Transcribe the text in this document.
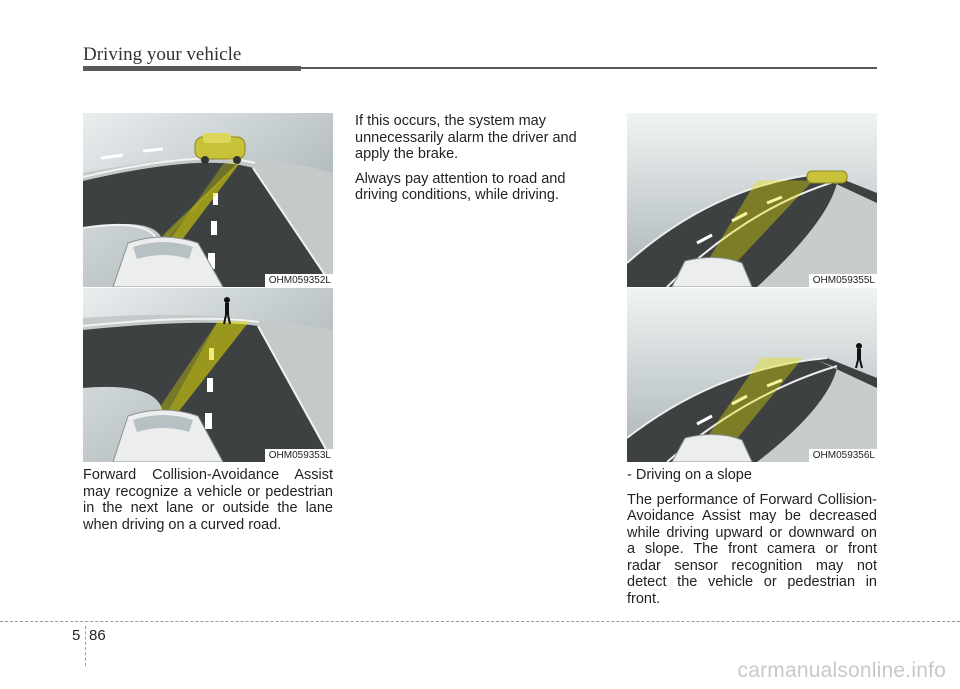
Driving your vehicle
OHM059352L
OHM059353L
OHM059355L
OHM059356L

Forward Collision-Avoidance Assist may recognize a vehicle or pedestrian in the next lane or outside the lane when driving on a curved road.

If this occurs, the system may unnecessarily alarm the driver and apply the brake.

Always pay attention to road and driving conditions, while driving.

- Driving on a slope

The performance of Forward Collision-Avoidance Assist may be decreased while driving upward or downward on a slope. The front camera or front radar sensor recognition may not detect the vehicle or pedestrian in front.

5 86
carmanualsonline.info
